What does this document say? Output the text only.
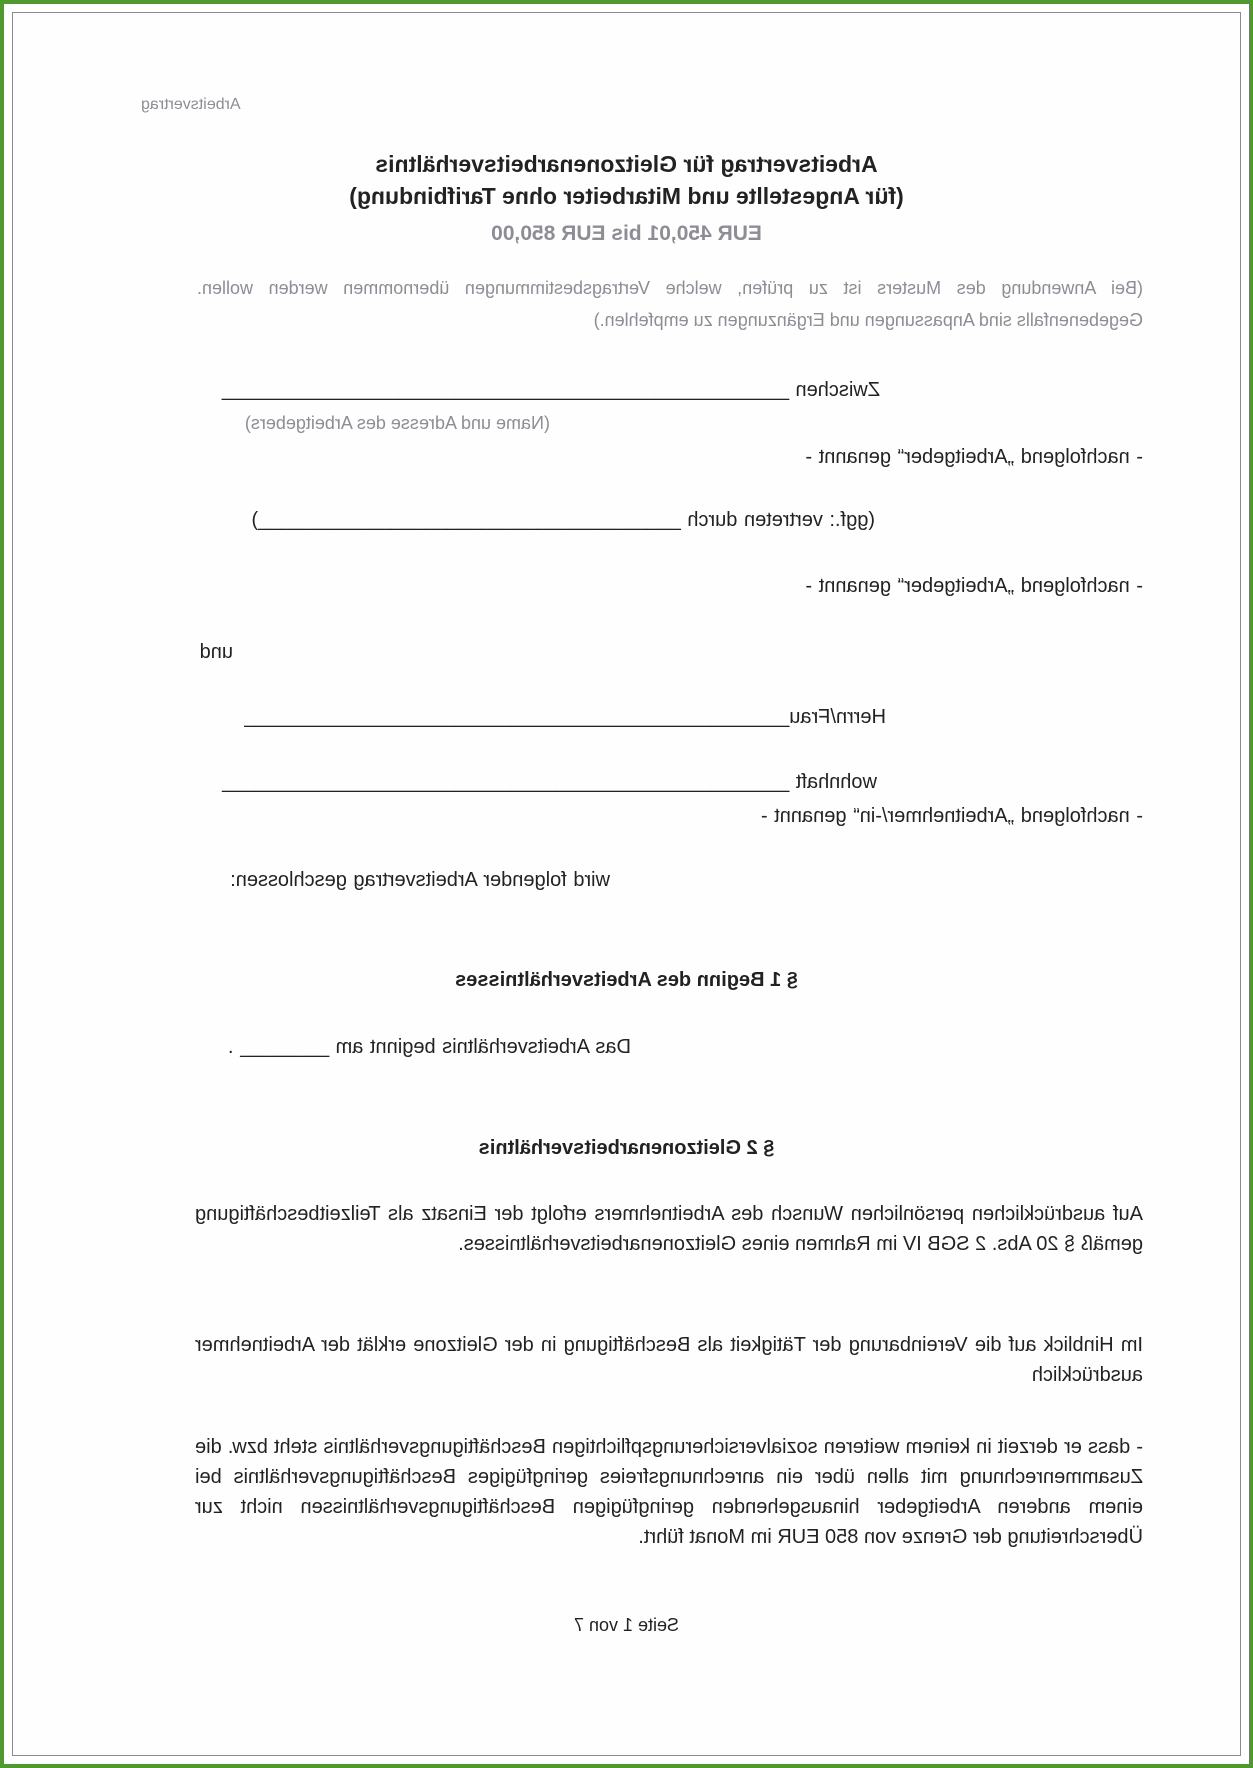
Arbeitsvertrag
Arbeitsvertrag für Gleitzonenarbeitsverhältnis
(für Angestellte und Mitarbeiter ohne Tarifbindung)
EUR 450,01 bis EUR 850,00
(Bei Anwendung des Musters ist zu prüfen, welche Vertragsbestimmungen übernommen werden wollen. Gegebenenfalls sind Anpassungen und Ergänzungen zu empfehlen.)
Zwischen ___________________________________________________
(Name und Adresse des Arbeitgebers)
- nachfolgend „Arbeitgeber“ genannt -
(ggf.: vertreten durch ______________________________________)
- nachfolgend „Arbeitgeber“ genannt -
und
Herrn/Frau_________________________________________________
wohnhaft ___________________________________________________
- nachfolgend „Arbeitnehmer/-in“ genannt -
wird folgender Arbeitsvertrag geschlossen:
§ 1 Beginn des Arbeitsverhältnisses
Das Arbeitsverhältnis beginnt am ________ .
§ 2 Gleitzonenarbeitsverhältnis
Auf ausdrücklichen persönlichen Wunsch des Arbeitnehmers erfolgt der Einsatz als Teilzeitbeschäftigung gemäß § 20 Abs. 2 SGB IV im Rahmen eines Gleitzonenarbeitsverhältnisses.
Im Hinblick auf die Vereinbarung der Tätigkeit als Beschäftigung in der Gleitzone erklät der Arbeitnehmer ausdrücklich
- dass er derzeit in keinem weiteren sozialversicherungspflichtigen Beschäftigungsverhältnis steht bzw. die Zusammenrechnung mit allen über ein anrechnungsfreies geringfügiges Beschäftigungsverhältnis bei einem anderen Arbeitgeber hinausgehenden geringfügigen Beschäftigungsverhältnissen nicht zur Überschreitung der Grenze von 850 EUR im Monat führt.
Seite 1 von 7
